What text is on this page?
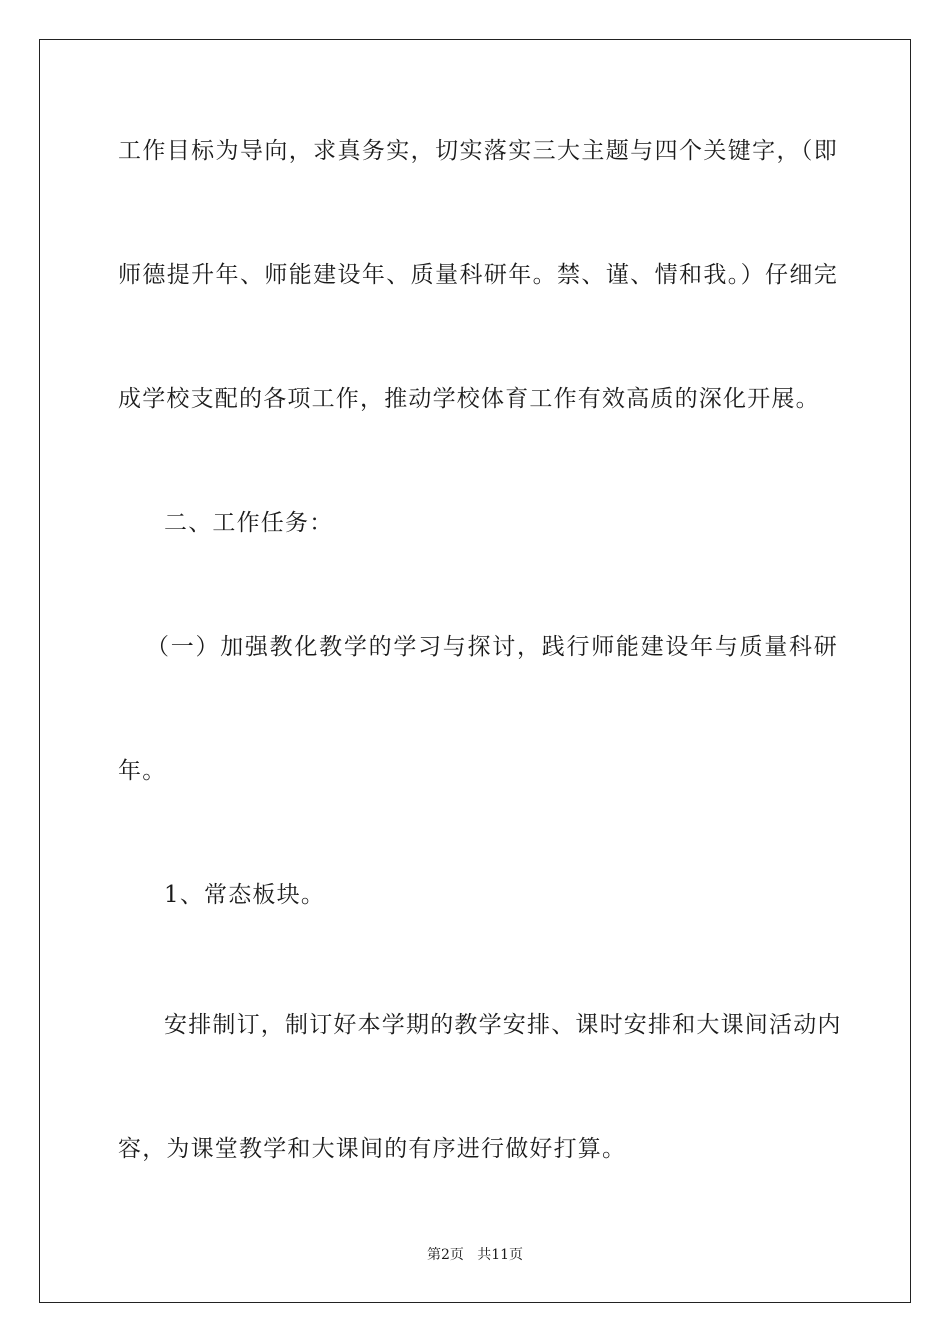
工作目标为导向，求真务实，切实落实三大主题与四个关键字，（即
师德提升年、师能建设年、质量科研年。禁、谨、情和我。）仔细完
成学校支配的各项工作，推动学校体育工作有效高质的深化开展。
二、工作任务：
（一）加强教化教学的学习与探讨，践行师能建设年与质量科研
年。
1、常态板块。
安排制订，制订好本学期的教学安排、课时安排和大课间活动内
容，为课堂教学和大课间的有序进行做好打算。
第2页   共11页
